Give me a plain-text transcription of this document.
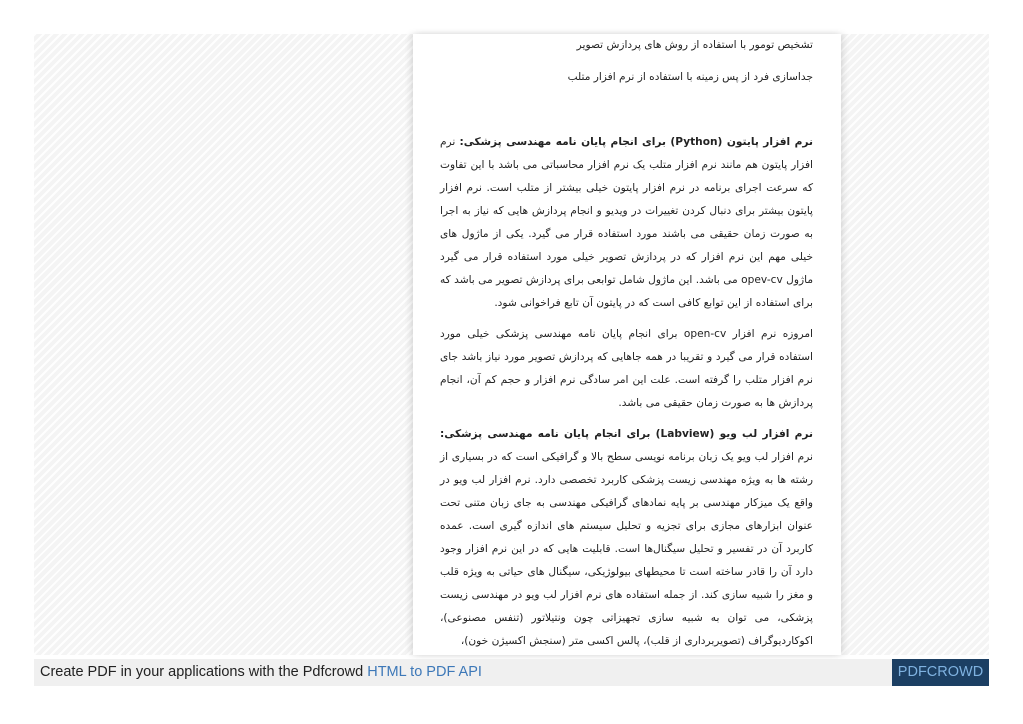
تشخیص تومور با استفاده از روش های پردازش تصویر

جداسازی فرد از پس زمینه با استفاده از نرم افزار متلب

نرم افزار پایتون (Python) برای انجام پایان نامه مهندسی پزشکی: نرم افزار پایتون هم مانند نرم افزار متلب یک نرم افزار محاسباتی می باشد با این تفاوت که سرعت اجرای برنامه در نرم افزار پایتون خیلی بیشتر از متلب است. نرم افزار پایتون بیشتر برای دنبال کردن تغییرات در ویدیو و انجام پردازش هایی که نیاز به اجرا به صورت زمان حقیقی می باشند مورد استفاده قرار می گیرد. یکی از ماژول های خیلی مهم این نرم افزار که در پردازش تصویر خیلی مورد استفاده قرار می گیرد ماژول opev-cv می باشد. این ماژول شامل توابعی برای پردازش تصویر می باشد که برای استفاده از این توابع کافی است که در پایتون آن تابع فراخوانی شود.

امروزه نرم افزار open-cv برای انجام پایان نامه مهندسی پزشکی خیلی مورد استفاده قرار می گیرد و تقریبا در همه جاهایی که پردازش تصویر مورد نیاز باشد جای نرم افزار متلب را گرفته است. علت این امر سادگی نرم افزار و حجم کم آن، انجام پردازش ها به صورت زمان حقیقی می باشد.

نرم افزار لب ویو (Labview) برای انجام پایان نامه مهندسی پزشکی: نرم افزار لب ویو یک زبان برنامه نویسی سطح بالا و گرافیکی است که در بسیاری از رشته ها به ویژه مهندسی زیست پزشکی کاربرد تخصصی دارد. نرم افزار لب ویو در واقع یک میزکار مهندسی بر پایه نمادهای گرافیکی مهندسی به جای زبان متنی تحت عنوان ابزارهای مجازی برای تجزیه و تحلیل سیستم های اندازه گیری است. عمده کاربرد آن در تفسیر و تحلیل سیگنال‌ها است. قابلیت هایی که در این نرم افزار وجود دارد آن را قادر ساخته است تا محیطهای بیولوژیکی، سیگنال های حیاتی به ویژه قلب و مغز را شبیه سازی کند. از جمله استفاده های نرم افزار لب ویو در مهندسی زیست پزشکی، می توان به شبیه سازی تجهیزاتی چون ونتیلاتور (تنفس مصنوعی)، اکوکاردیوگراف (تصویربرداری از قلب)، پالس اکسی متر (سنجش اکسیژن خون)،

Create PDF in your applications with the Pdfcrowd HTML to PDF API	PDFCROWD
